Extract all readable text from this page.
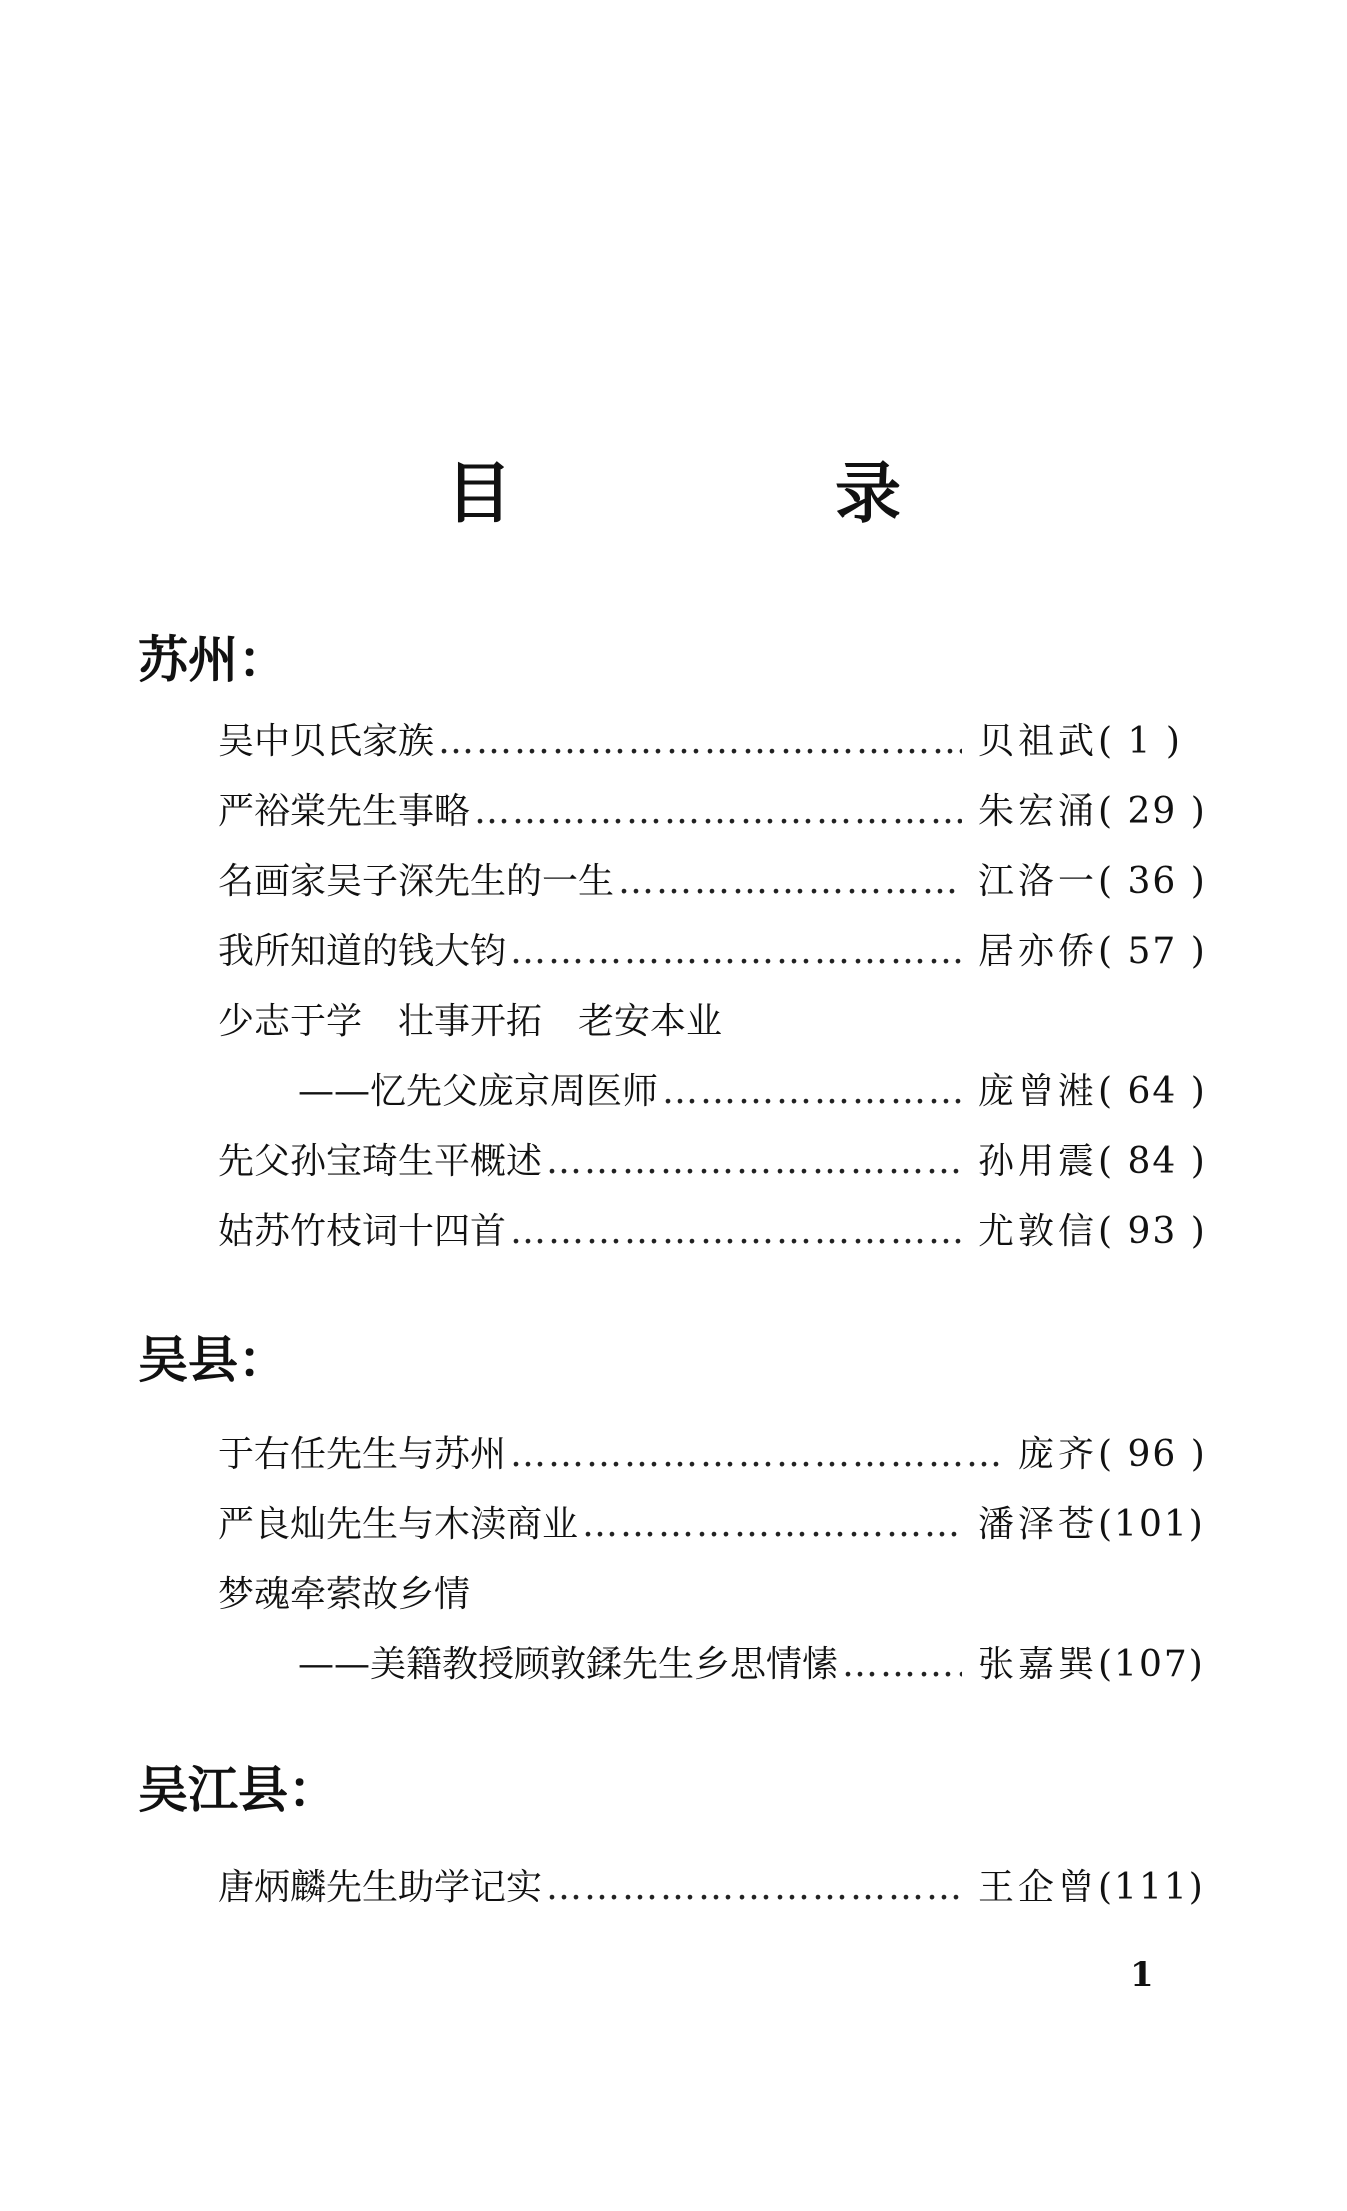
目 录
苏州：
吴中贝氏家族 ……………………………………………………………………………………………………………………	贝祖武 ( 1 )
严裕棠先生事略 ……………………………………………………………………………………………………………………	朱宏涌 ( 29 )
名画家吴子深先生的一生 ……………………………………………………………………………………………………………………	江洛一 ( 36 )
我所知道的钱大钧 ……………………………………………………………………………………………………………………	居亦侨 ( 57 )
少志于学　壮事开拓　老安本业
——忆先父庞京周医师 ……………………………………………………………………………………………………………………	庞曾溎 ( 64 )
先父孙宝琦生平概述 ……………………………………………………………………………………………………………………	孙用震 ( 84 )
姑苏竹枝词十四首 ……………………………………………………………………………………………………………………	尤敦信 ( 93 )
吴县：
于右任先生与苏州 ……………………………………………………………………………………………………………………	庞齐 ( 96 )
严良灿先生与木渎商业 ……………………………………………………………………………………………………………………	潘泽苍 (101)
梦魂牵萦故乡情
——美籍教授顾敦鍒先生乡思情愫 ……………………………………………………………………………………………………………………	张嘉巽 (107)
吴江县：
唐炳麟先生助学记实 ……………………………………………………………………………………………………………………	王企曾 (111)
1
